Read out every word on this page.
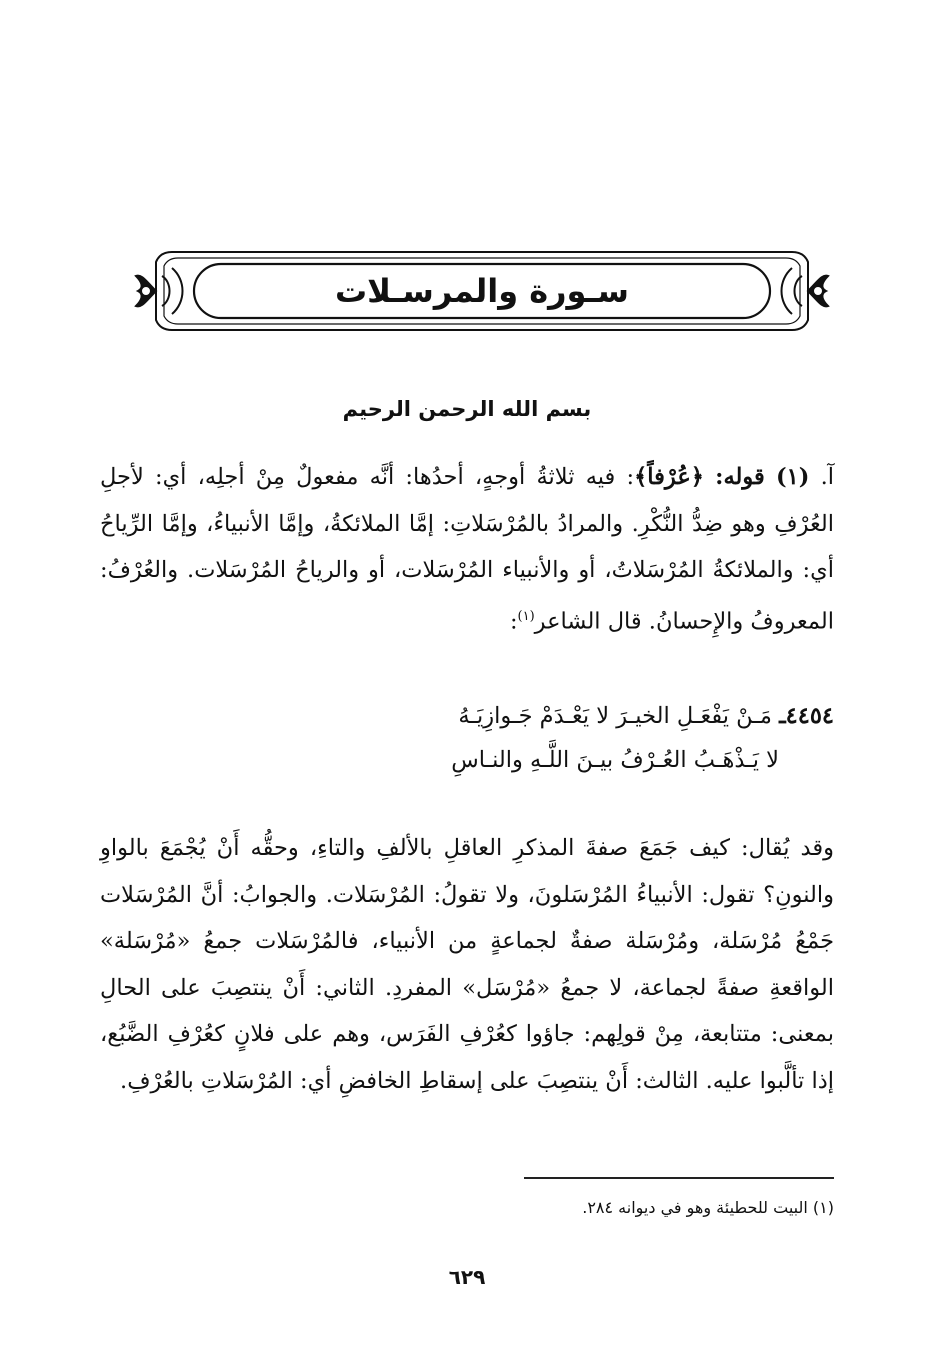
سـورة والمرسـلات
بسم الله الرحمن الرحيم
آ. (١) قوله: ﴿عُرْفاً﴾: فيه ثلاثةُ أوجهٍ، أحدُها: أنَّه مفعولٌ مِنْ أجلِه، أي: لأجلِ العُرْفِ وهو ضِدُّ النُّكْرِ. والمرادُ بالمُرْسَلاتِ: إمَّا الملائكةُ، وإمَّا الأنبياءُ، وإمَّا الرِّياحُ أي: والملائكةُ المُرْسَلاتُ، أو والأنبياء المُرْسَلات، أو والرياحُ المُرْسَلات. والعُرْفُ: المعروفُ والإِحسانُ. قال الشاعر$^{(١)}$:
٤٤٥٤ـ مَـنْ يَفْعَـلِ الخيـرَ لا يَعْـدَمْ جَـوازِيَـهُ
لا يَـذْهَـبُ العُـرْفُ بيـنَ اللَّـهِ والنـاسِ
وقد يُقال: كيف جَمَعَ صفةَ المذكرِ العاقلِ بالألفِ والتاءِ، وحقُّه أَنْ يُجْمَعَ بالواوِ والنونِ؟ تقول: الأنبياءُ المُرْسَلونَ، ولا تقولُ: المُرْسَلات. والجوابُ: أنَّ المُرْسَلات جَمْعُ مُرْسَلة، ومُرْسَلة صفةٌ لجماعةٍ من الأنبياء، فالمُرْسَلات جمعُ «مُرْسَلة» الواقعةِ صفةً لجماعة، لا جمعُ «مُرْسَل» المفردِ. الثاني: أَنْ ينتصِبَ على الحالِ بمعنى: متتابعة، مِنْ قولِهم: جاؤوا كعُرْفِ الفَرَس، وهم على فلانٍ كعُرْفِ الضَّبُع، إذا تألَّبوا عليه. الثالث: أَنْ ينتصِبَ على إسقاطِ الخافضِ أي: المُرْسَلاتِ بالعُرْفِ.
(١) البيت للحطيئة وهو في ديوانه ٢٨٤.
٦٢٩
